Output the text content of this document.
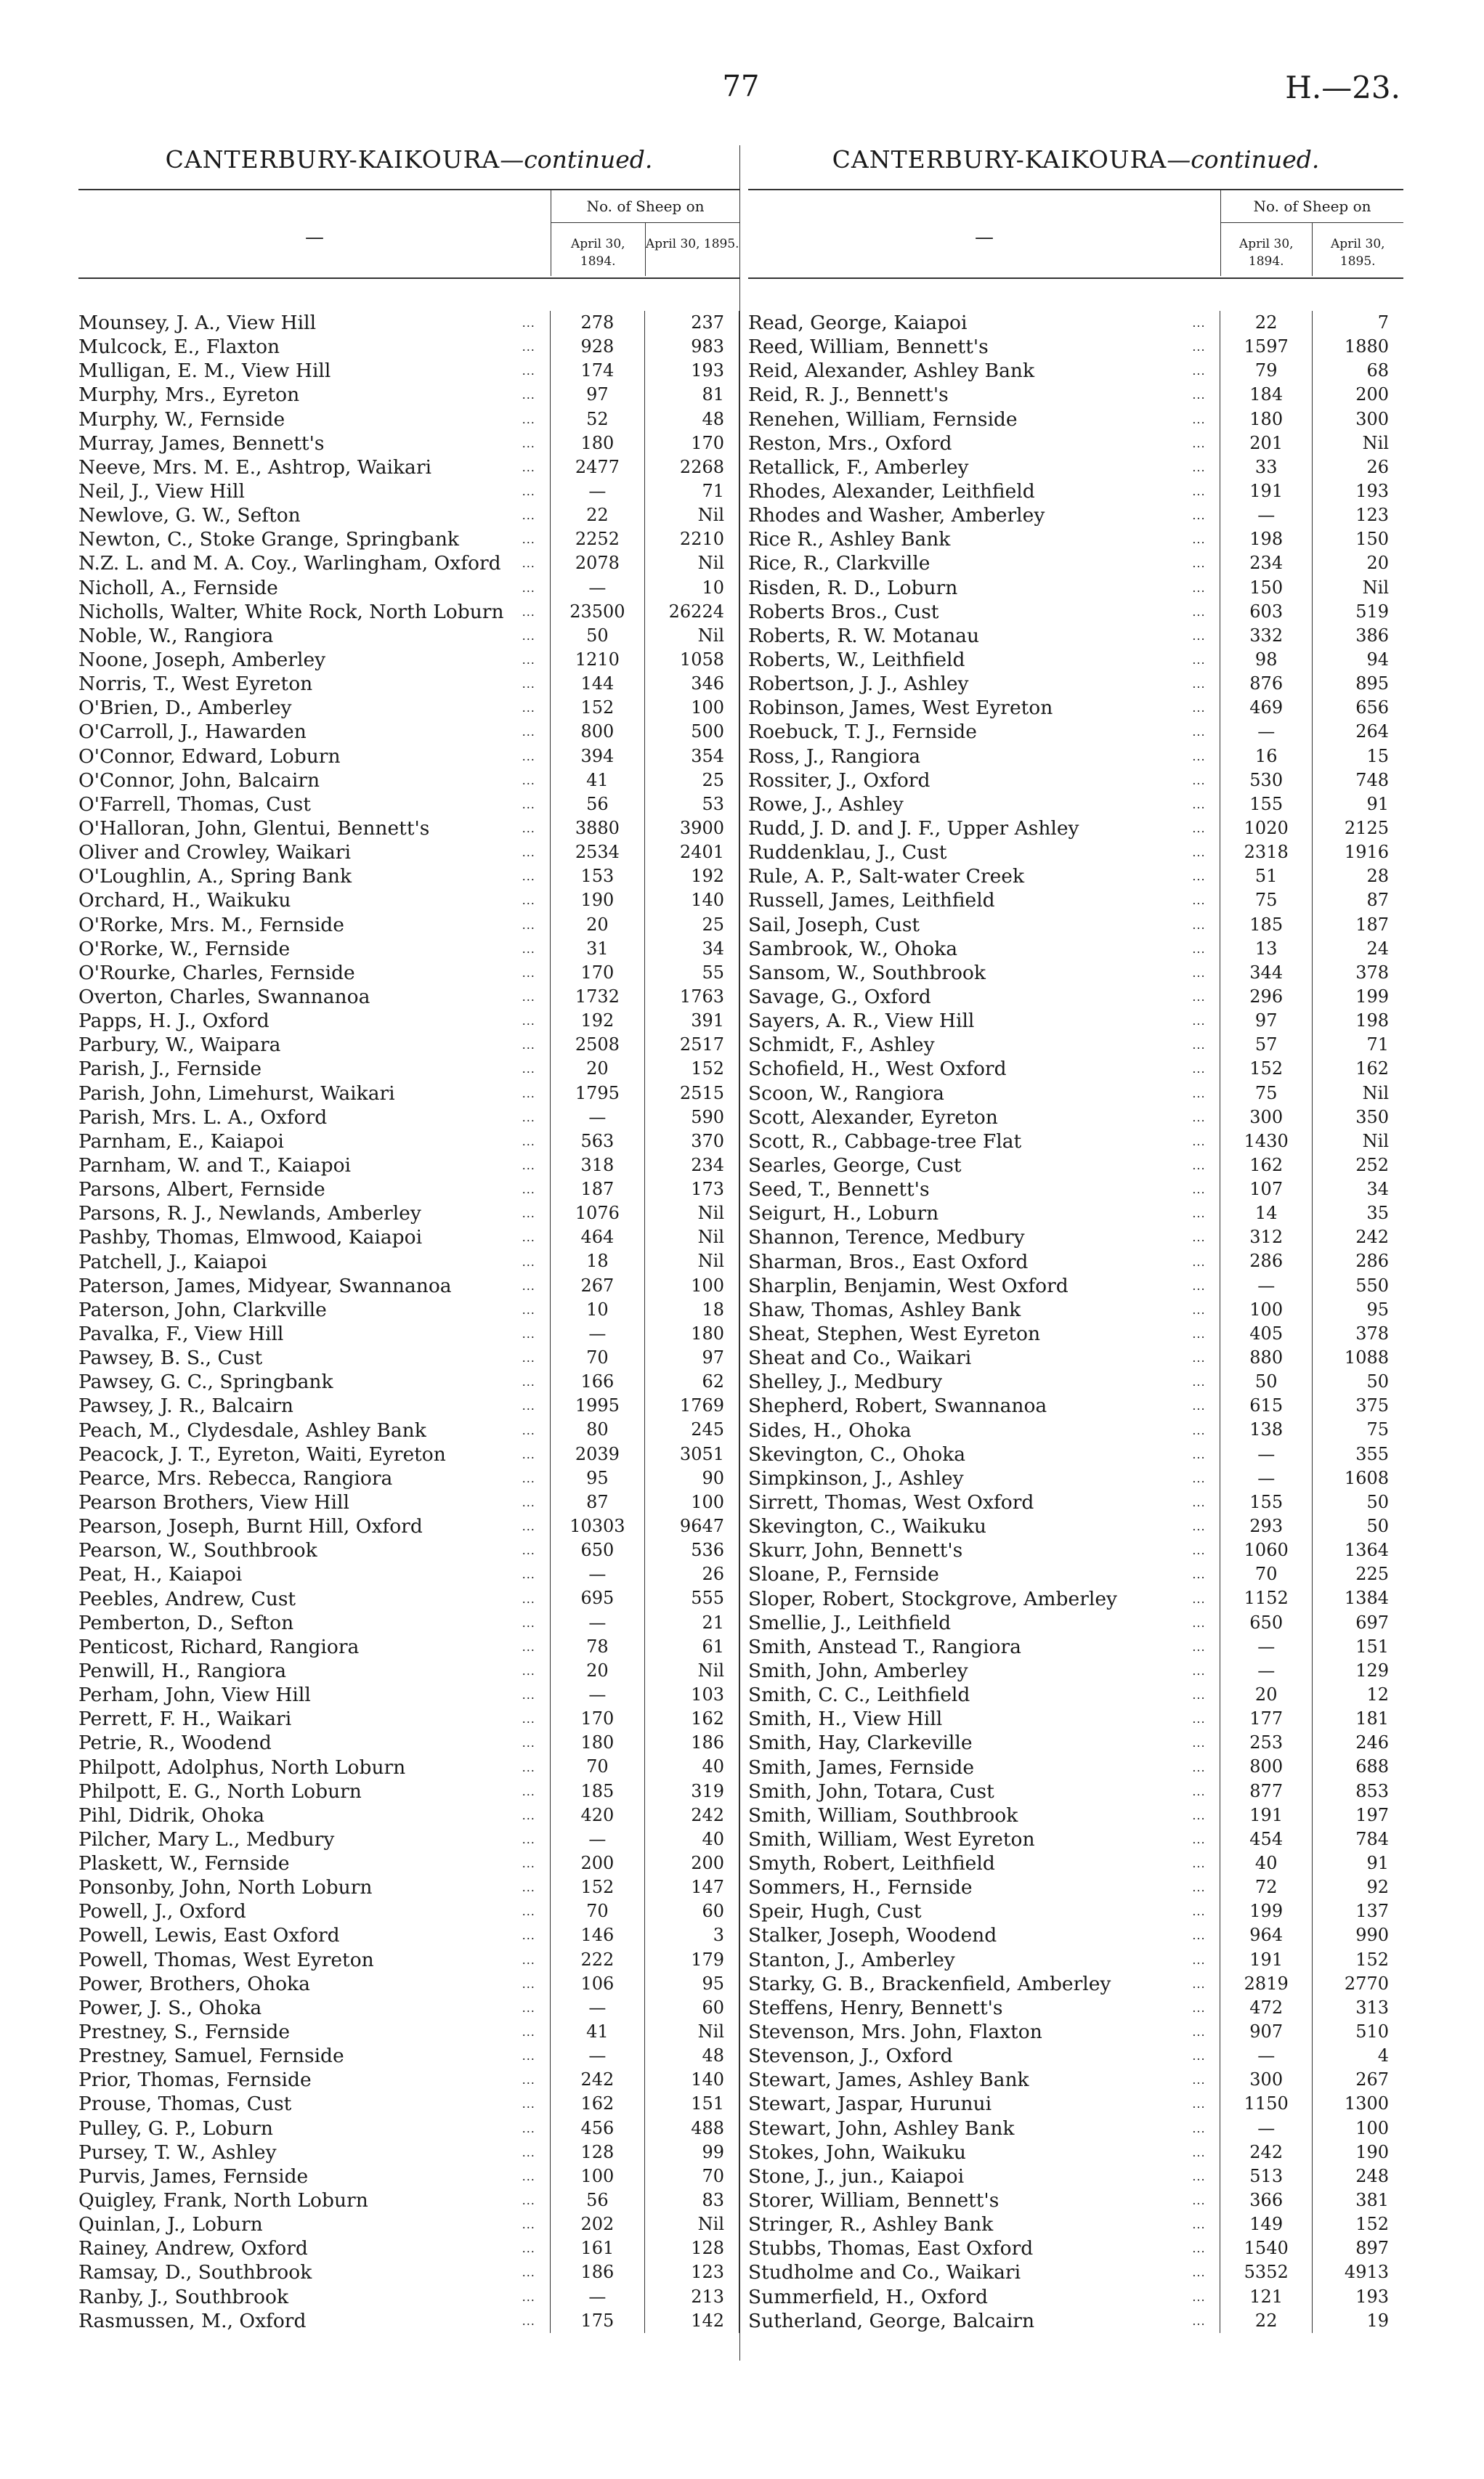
77	H.—23.
CANTERBURY-KAIKOURA—continued.
—
No. of Sheep on
April 30, 1894.
April 30, 1895.
Mounsey, J. A., View Hill	...	278	237
Mulcock, E., Flaxton	...	928	983
Mulligan, E. M., View Hill	...	174	193
Murphy, Mrs., Eyreton	...	97	81
Murphy, W., Fernside	...	52	48
Murray, James, Bennett's	...	180	170
Neeve, Mrs. M. E., Ashtrop, Waikari	...	2477	2268
Neil, J., View Hill	...	—	71
Newlove, G. W., Sefton	...	22	Nil
Newton, C., Stoke Grange, Springbank	...	2252	2210
N.Z. L. and M. A. Coy., Warlingham, Oxford	...	2078	Nil
Nicholl, A., Fernside	...	—	10
Nicholls, Walter, White Rock, North Loburn	...	23500	26224
Noble, W., Rangiora	...	50	Nil
Noone, Joseph, Amberley	...	1210	1058
Norris, T., West Eyreton	...	144	346
O'Brien, D., Amberley	...	152	100
O'Carroll, J., Hawarden	...	800	500
O'Connor, Edward, Loburn	...	394	354
O'Connor, John, Balcairn	...	41	25
O'Farrell, Thomas, Cust	...	56	53
O'Halloran, John, Glentui, Bennett's	...	3880	3900
Oliver and Crowley, Waikari	...	2534	2401
O'Loughlin, A., Spring Bank	...	153	192
Orchard, H., Waikuku	...	190	140
O'Rorke, Mrs. M., Fernside	...	20	25
O'Rorke, W., Fernside	...	31	34
O'Rourke, Charles, Fernside	...	170	55
Overton, Charles, Swannanoa	...	1732	1763
Papps, H. J., Oxford	...	192	391
Parbury, W., Waipara	...	2508	2517
Parish, J., Fernside	...	20	152
Parish, John, Limehurst, Waikari	...	1795	2515
Parish, Mrs. L. A., Oxford	...	—	590
Parnham, E., Kaiapoi	...	563	370
Parnham, W. and T., Kaiapoi	...	318	234
Parsons, Albert, Fernside	...	187	173
Parsons, R. J., Newlands, Amberley	...	1076	Nil
Pashby, Thomas, Elmwood, Kaiapoi	...	464	Nil
Patchell, J., Kaiapoi	...	18	Nil
Paterson, James, Midyear, Swannanoa	...	267	100
Paterson, John, Clarkville	...	10	18
Pavalka, F., View Hill	...	—	180
Pawsey, B. S., Cust	...	70	97
Pawsey, G. C., Springbank	...	166	62
Pawsey, J. R., Balcairn	...	1995	1769
Peach, M., Clydesdale, Ashley Bank	...	80	245
Peacock, J. T., Eyreton, Waiti, Eyreton	...	2039	3051
Pearce, Mrs. Rebecca, Rangiora	...	95	90
Pearson Brothers, View Hill	...	87	100
Pearson, Joseph, Burnt Hill, Oxford	...	10303	9647
Pearson, W., Southbrook	...	650	536
Peat, H., Kaiapoi	...	—	26
Peebles, Andrew, Cust	...	695	555
Pemberton, D., Sefton	...	—	21
Penticost, Richard, Rangiora	...	78	61
Penwill, H., Rangiora	...	20	Nil
Perham, John, View Hill	...	—	103
Perrett, F. H., Waikari	...	170	162
Petrie, R., Woodend	...	180	186
Philpott, Adolphus, North Loburn	...	70	40
Philpott, E. G., North Loburn	...	185	319
Pihl, Didrik, Ohoka	...	420	242
Pilcher, Mary L., Medbury	...	—	40
Plaskett, W., Fernside	...	200	200
Ponsonby, John, North Loburn	...	152	147
Powell, J., Oxford	...	70	60
Powell, Lewis, East Oxford	...	146	3
Powell, Thomas, West Eyreton	...	222	179
Power, Brothers, Ohoka	...	106	95
Power, J. S., Ohoka	...	—	60
Prestney, S., Fernside	...	41	Nil
Prestney, Samuel, Fernside	...	—	48
Prior, Thomas, Fernside	...	242	140
Prouse, Thomas, Cust	...	162	151
Pulley, G. P., Loburn	...	456	488
Pursey, T. W., Ashley	...	128	99
Purvis, James, Fernside	...	100	70
Quigley, Frank, North Loburn	...	56	83
Quinlan, J., Loburn	...	202	Nil
Rainey, Andrew, Oxford	...	161	128
Ramsay, D., Southbrook	...	186	123
Ranby, J., Southbrook	...	—	213
Rasmussen, M., Oxford	...	175	142
CANTERBURY-KAIKOURA—continued.
—
No. of Sheep on
April 30, 1894.
April 30, 1895.
Read, George, Kaiapoi	...	22	7
Reed, William, Bennett's	...	1597	1880
Reid, Alexander, Ashley Bank	...	79	68
Reid, R. J., Bennett's	...	184	200
Renehen, William, Fernside	...	180	300
Reston, Mrs., Oxford	...	201	Nil
Retallick, F., Amberley	...	33	26
Rhodes, Alexander, Leithfield	...	191	193
Rhodes and Washer, Amberley	...	—	123
Rice R., Ashley Bank	...	198	150
Rice, R., Clarkville	...	234	20
Risden, R. D., Loburn	...	150	Nil
Roberts Bros., Cust	...	603	519
Roberts, R. W. Motanau	...	332	386
Roberts, W., Leithfield	...	98	94
Robertson, J. J., Ashley	...	876	895
Robinson, James, West Eyreton	...	469	656
Roebuck, T. J., Fernside	...	—	264
Ross, J., Rangiora	...	16	15
Rossiter, J., Oxford	...	530	748
Rowe, J., Ashley	...	155	91
Rudd, J. D. and J. F., Upper Ashley	...	1020	2125
Ruddenklau, J., Cust	...	2318	1916
Rule, A. P., Salt-water Creek	...	51	28
Russell, James, Leithfield	...	75	87
Sail, Joseph, Cust	...	185	187
Sambrook, W., Ohoka	...	13	24
Sansom, W., Southbrook	...	344	378
Savage, G., Oxford	...	296	199
Sayers, A. R., View Hill	...	97	198
Schmidt, F., Ashley	...	57	71
Schofield, H., West Oxford	...	152	162
Scoon, W., Rangiora	...	75	Nil
Scott, Alexander, Eyreton	...	300	350
Scott, R., Cabbage-tree Flat	...	1430	Nil
Searles, George, Cust	...	162	252
Seed, T., Bennett's	...	107	34
Seigurt, H., Loburn	...	14	35
Shannon, Terence, Medbury	...	312	242
Sharman, Bros., East Oxford	...	286	286
Sharplin, Benjamin, West Oxford	...	—	550
Shaw, Thomas, Ashley Bank	...	100	95
Sheat, Stephen, West Eyreton	...	405	378
Sheat and Co., Waikari	...	880	1088
Shelley, J., Medbury	...	50	50
Shepherd, Robert, Swannanoa	...	615	375
Sides, H., Ohoka	...	138	75
Skevington, C., Ohoka	...	—	355
Simpkinson, J., Ashley	...	—	1608
Sirrett, Thomas, West Oxford	...	155	50
Skevington, C., Waikuku	...	293	50
Skurr, John, Bennett's	...	1060	1364
Sloane, P., Fernside	...	70	225
Sloper, Robert, Stockgrove, Amberley	...	1152	1384
Smellie, J., Leithfield	...	650	697
Smith, Anstead T., Rangiora	...	—	151
Smith, John, Amberley	...	—	129
Smith, C. C., Leithfield	...	20	12
Smith, H., View Hill	...	177	181
Smith, Hay, Clarkeville	...	253	246
Smith, James, Fernside	...	800	688
Smith, John, Totara, Cust	...	877	853
Smith, William, Southbrook	...	191	197
Smith, William, West Eyreton	...	454	784
Smyth, Robert, Leithfield	...	40	91
Sommers, H., Fernside	...	72	92
Speir, Hugh, Cust	...	199	137
Stalker, Joseph, Woodend	...	964	990
Stanton, J., Amberley	...	191	152
Starky, G. B., Brackenfield, Amberley	...	2819	2770
Steffens, Henry, Bennett's	...	472	313
Stevenson, Mrs. John, Flaxton	...	907	510
Stevenson, J., Oxford	...	—	4
Stewart, James, Ashley Bank	...	300	267
Stewart, Jaspar, Hurunui	...	1150	1300
Stewart, John, Ashley Bank	...	—	100
Stokes, John, Waikuku	...	242	190
Stone, J., jun., Kaiapoi	...	513	248
Storer, William, Bennett's	...	366	381
Stringer, R., Ashley Bank	...	149	152
Stubbs, Thomas, East Oxford	...	1540	897
Studholme and Co., Waikari	...	5352	4913
Summerfield, H., Oxford	...	121	193
Sutherland, George, Balcairn	...	22	19
